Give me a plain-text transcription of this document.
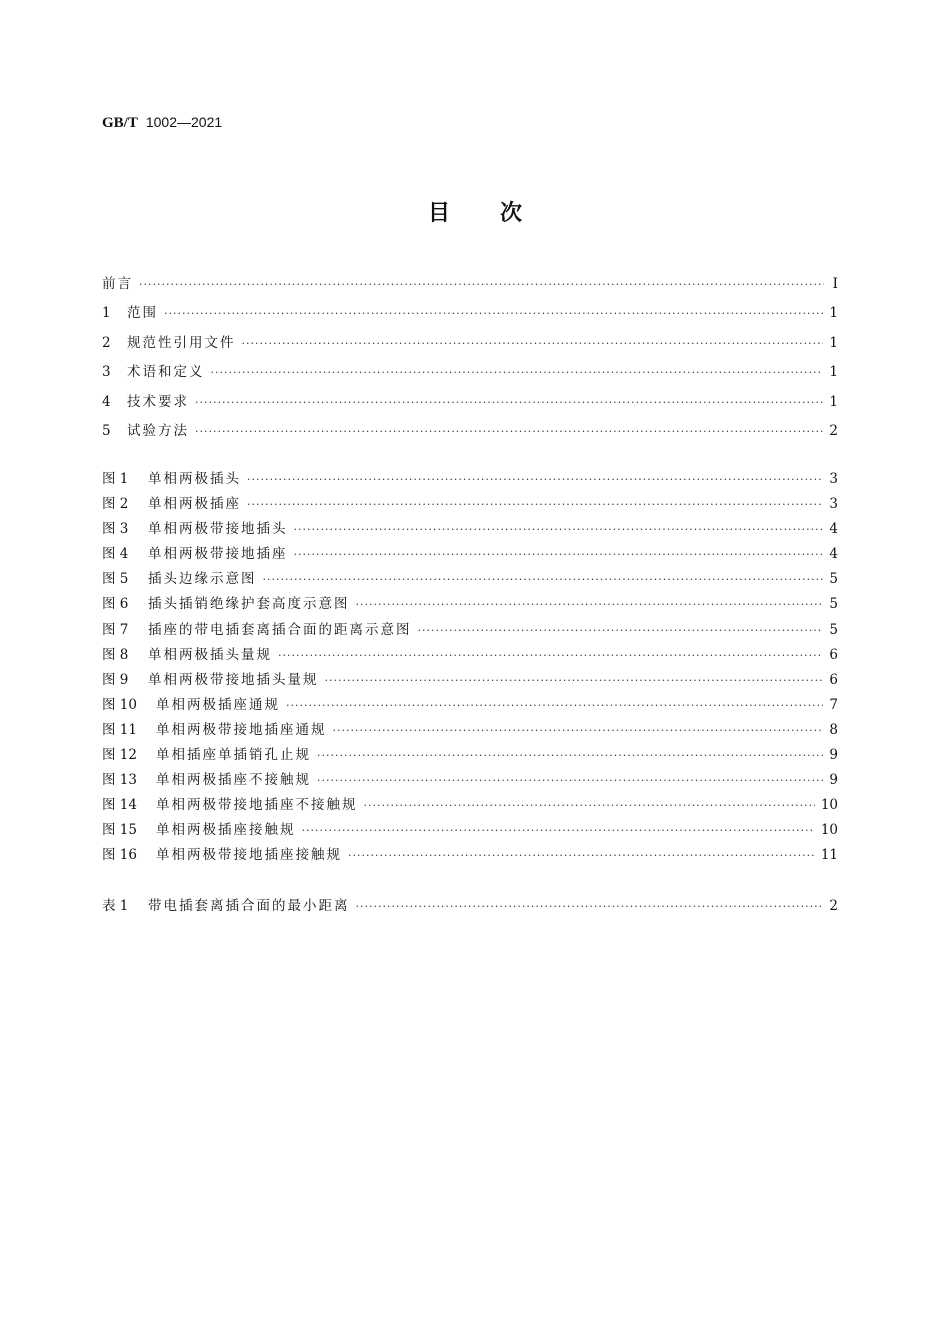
GB/T 1002—2021
目次
前言 ·····	Ⅰ
1	范围 ·····	1
2	规范性引用文件 ·····	1
3	术语和定义 ·····	1
4	技术要求 ·····	1
5	试验方法 ·····	2
图 1	单相两极插头 ·····	3
图 2	单相两极插座 ·····	3
图 3	单相两极带接地插头 ·····	4
图 4	单相两极带接地插座 ·····	4
图 5	插头边缘示意图 ·····	5
图 6	插头插销绝缘护套高度示意图 ·····	5
图 7	插座的带电插套离插合面的距离示意图 ·····	5
图 8	单相两极插头量规 ·····	6
图 9	单相两极带接地插头量规 ·····	6
图 10	单相两极插座通规 ·····	7
图 11	单相两极带接地插座通规 ·····	8
图 12	单相插座单插销孔止规 ·····	9
图 13	单相两极插座不接触规 ·····	9
图 14	单相两极带接地插座不接触规 ·····	10
图 15	单相两极插座接触规 ·····	10
图 16	单相两极带接地插座接触规 ·····	11
表 1	带电插套离插合面的最小距离 ·····	2
